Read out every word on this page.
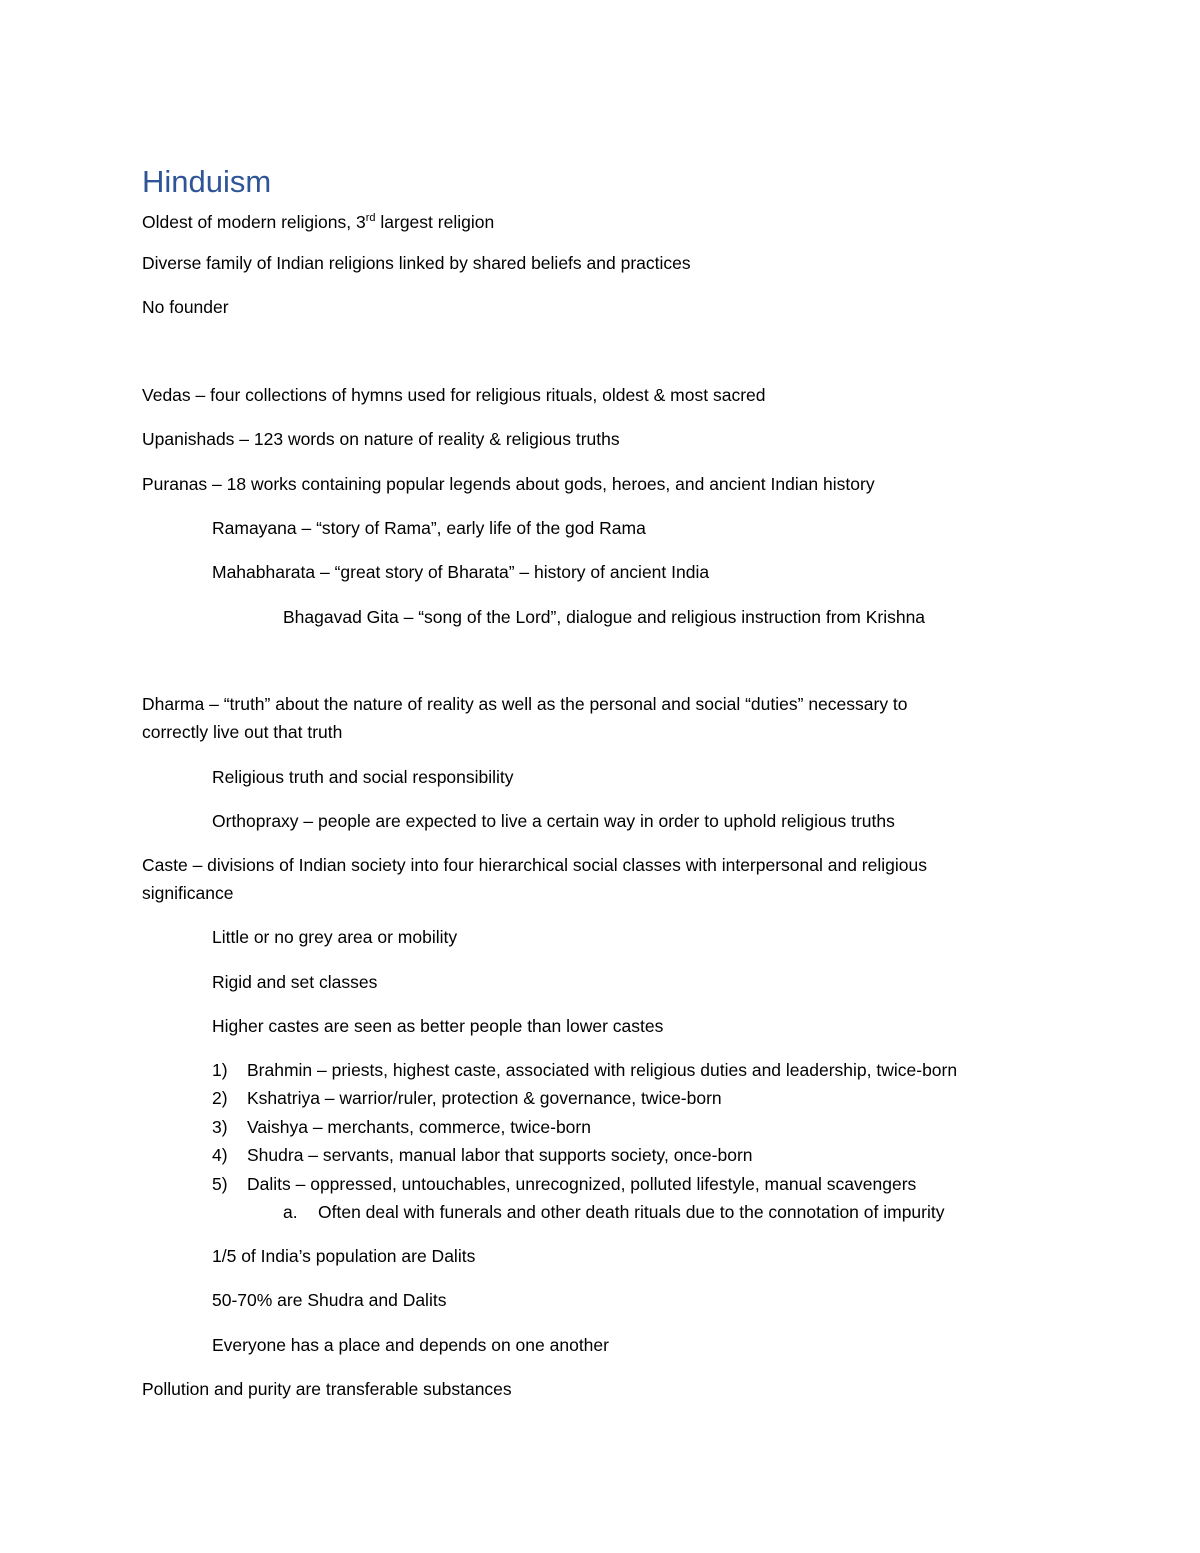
Hinduism
Oldest of modern religions, 3rd largest religion
Diverse family of Indian religions linked by shared beliefs and practices
No founder
Vedas – four collections of hymns used for religious rituals, oldest & most sacred
Upanishads – 123 words on nature of reality & religious truths
Puranas – 18 works containing popular legends about gods, heroes, and ancient Indian history
Ramayana – “story of Rama”, early life of the god Rama
Mahabharata – “great story of Bharata” – history of ancient India
Bhagavad Gita – “song of the Lord”, dialogue and religious instruction from Krishna
Dharma – “truth” about the nature of reality as well as the personal and social “duties” necessary to
correctly live out that truth
Religious truth and social responsibility
Orthopraxy – people are expected to live a certain way in order to uphold religious truths
Caste – divisions of Indian society into four hierarchical social classes with interpersonal and religious
significance
Little or no grey area or mobility
Rigid and set classes
Higher castes are seen as better people than lower castes
1) Brahmin – priests, highest caste, associated with religious duties and leadership, twice-born
2) Kshatriya – warrior/ruler, protection & governance, twice-born
3) Vaishya – merchants, commerce, twice-born
4) Shudra – servants, manual labor that supports society, once-born
5) Dalits – oppressed, untouchables, unrecognized, polluted lifestyle, manual scavengers
a. Often deal with funerals and other death rituals due to the connotation of impurity
1/5 of India’s population are Dalits
50-70% are Shudra and Dalits
Everyone has a place and depends on one another
Pollution and purity are transferable substances
